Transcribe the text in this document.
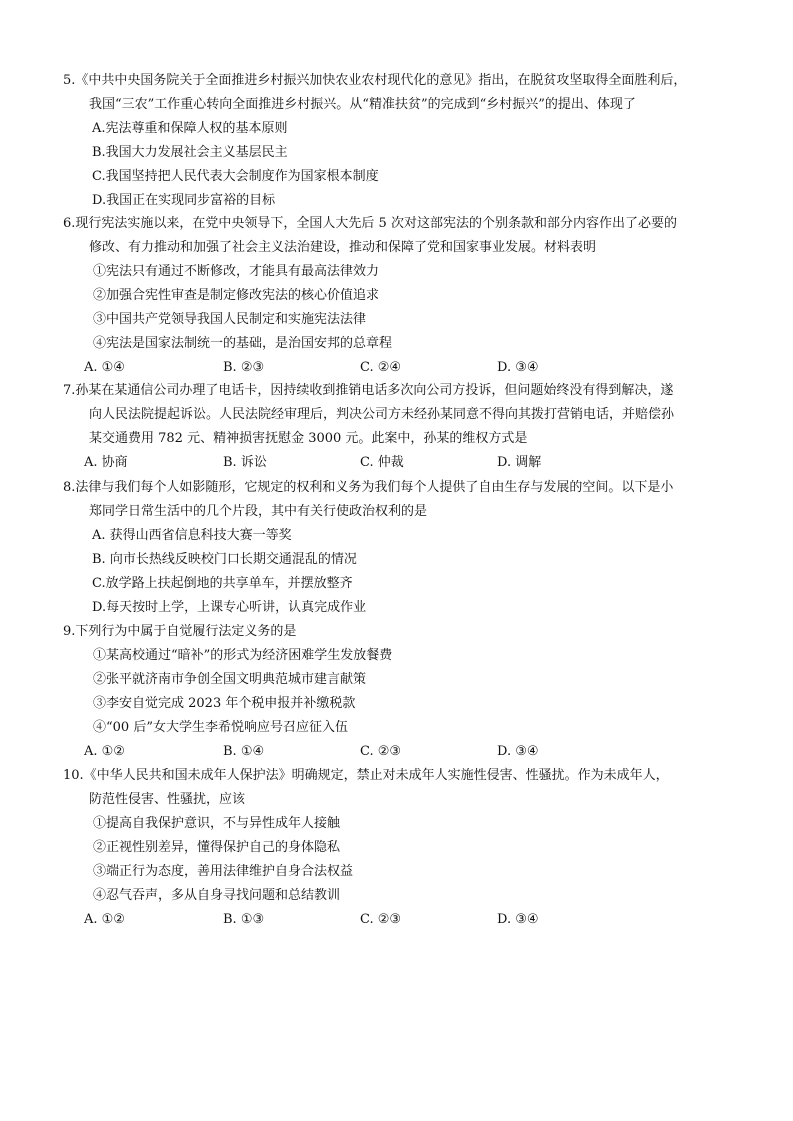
5.《中共中央国务院关于全面推进乡村振兴加快农业农村现代化的意见》指出，在脱贫攻坚取得全面胜利后，
我国“三农”工作重心转向全面推进乡村振兴。从“精准扶贫”的完成到“乡村振兴”的提出、体现了
A.宪法尊重和保障人权的基本原则
B.我国大力发展社会主义基层民主
C.我国坚持把人民代表大会制度作为国家根本制度
D.我国正在实现同步富裕的目标
6.现行宪法实施以来，在党中央领导下，全国人大先后 5 次对这部宪法的个别条款和部分内容作出了必要的
修改、有力推动和加强了社会主义法治建设，推动和保障了党和国家事业发展。材料表明
①宪法只有通过不断修改，才能具有最高法律效力
②加强合宪性审查是制定修改宪法的核心价值追求
③中国共产党领导我国人民制定和实施宪法法律
④宪法是国家法制统一的基础，是治国安邦的总章程
A. ①④	B. ②③	C. ②④	D. ③④
7.孙某在某通信公司办理了电话卡，因持续收到推销电话多次向公司方投诉，但问题始终没有得到解决，遂
向人民法院提起诉讼。人民法院经审理后，判决公司方未经孙某同意不得向其拨打营销电话，并赔偿孙
某交通费用 782 元、精神损害抚慰金 3000 元。此案中，孙某的维权方式是
A. 协商	B. 诉讼	C. 仲裁	D. 调解
8.法律与我们每个人如影随形，它规定的权利和义务为我们每个人提供了自由生存与发展的空间。以下是小
郑同学日常生活中的几个片段，其中有关行使政治权利的是
A. 获得山西省信息科技大赛一等奖
B. 向市长热线反映校门口长期交通混乱的情况
C.放学路上扶起倒地的共享单车，并摆放整齐
D.每天按时上学，上课专心听讲，认真完成作业
9.下列行为中属于自觉履行法定义务的是
①某高校通过“暗补”的形式为经济困难学生发放餐费
②张平就济南市争创全国文明典范城市建言献策
③李安自觉完成 2023 年个税申报并补缴税款
④“00 后”女大学生李希悦响应号召应征入伍
A. ①②	B. ①④	C. ②③	D. ③④
10.《中华人民共和国未成年人保护法》明确规定，禁止对未成年人实施性侵害、性骚扰。作为未成年人，
防范性侵害、性骚扰，应该
①提高自我保护意识，不与异性成年人接触
②正视性别差异，懂得保护自己的身体隐私
③端正行为态度，善用法律维护自身合法权益
④忍气吞声，多从自身寻找问题和总结教训
A. ①②	B. ①③	C. ②③	D. ③④
